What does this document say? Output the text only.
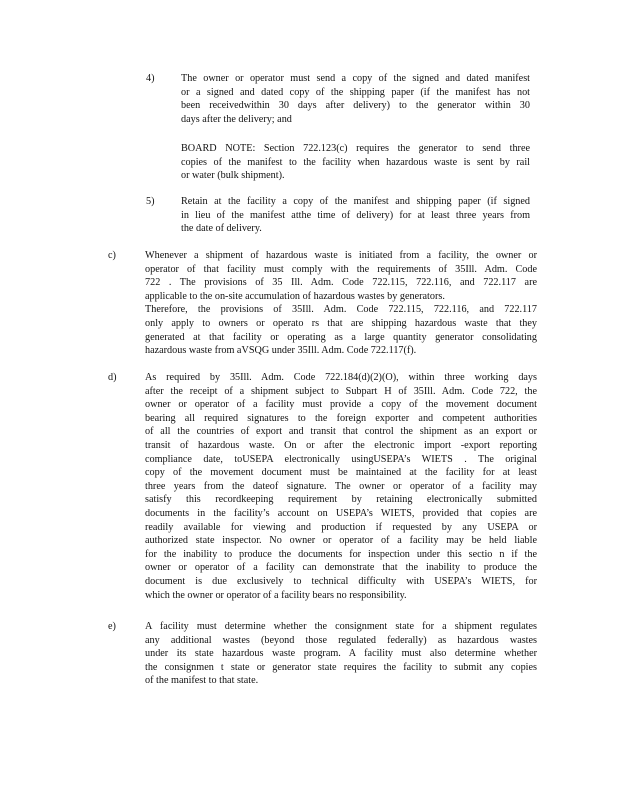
4)	The owner or operator must send a copy of the signed and dated manifest
or a signed and dated copy of the shipping paper (if the manifest has not
been receivedwithin 30 days after delivery) to the generator within 30
days after the delivery; and
BOARD NOTE: Section 722.123(c) requires the generator to send three
copies of the manifest to the facility when hazardous waste is sent by rail
or water (bulk shipment).
5)	Retain at the facility a copy of the manifest and shipping paper (if signed
in lieu of the manifest atthe time of delivery) for at least three years from
the date of delivery.
c)	Whenever a shipment of hazardous waste is initiated from a facility, the owner or
operator of that facility must comply with the requirements of 35Ill. Adm. Code
722 . The provisions of 35 Ill. Adm. Code 722.115, 722.116, and 722.117 are
applicable to the on-site accumulation of hazardous wastes by generators.
Therefore, the provisions of 35Ill. Adm. Code 722.115, 722.116, and 722.117
only apply to owners or operato rs that are shipping hazardous waste that they
generated at that facility or operating as a large quantity generator consolidating
hazardous waste from aVSQG under 35Ill. Adm. Code 722.117(f).
d)	As required by 35Ill. Adm. Code 722.184(d)(2)(O), within three working days
after the receipt of a shipment subject to Subpart H of 35Ill. Adm. Code 722, the
owner or operator of a facility must provide a copy of the movement document
bearing all required signatures to the foreign exporter and competent authorities
of all the countries of export and transit that control the shipment as an export or
transit of hazardous waste. On or after the electronic import -export reporting
compliance date, toUSEPA electronically usingUSEPA’s WIETS . The original
copy of the movement document must be maintained at the facility for at least
three years from the dateof signature. The owner or operator of a facility may
satisfy this recordkeeping requirement by retaining electronically submitted
documents in the facility’s account on USEPA’s WIETS, provided that copies are
readily available for viewing and production if requested by any USEPA or
authorized state inspector. No owner or operator of a facility may be held liable
for the inability to produce the documents for inspection under this sectio n if the
owner or operator of a facility can demonstrate that the inability to produce the
document is due exclusively to technical difficulty with USEPA’s WIETS, for
which the owner or operator of a facility bears no responsibility.
e)	A facility must determine whether the consignment state for a shipment regulates
any additional wastes (beyond those regulated federally) as hazardous wastes
under its state hazardous waste program. A facility must also determine whether
the consignmen t state or generator state requires the facility to submit any copies
of the manifest to that state.
